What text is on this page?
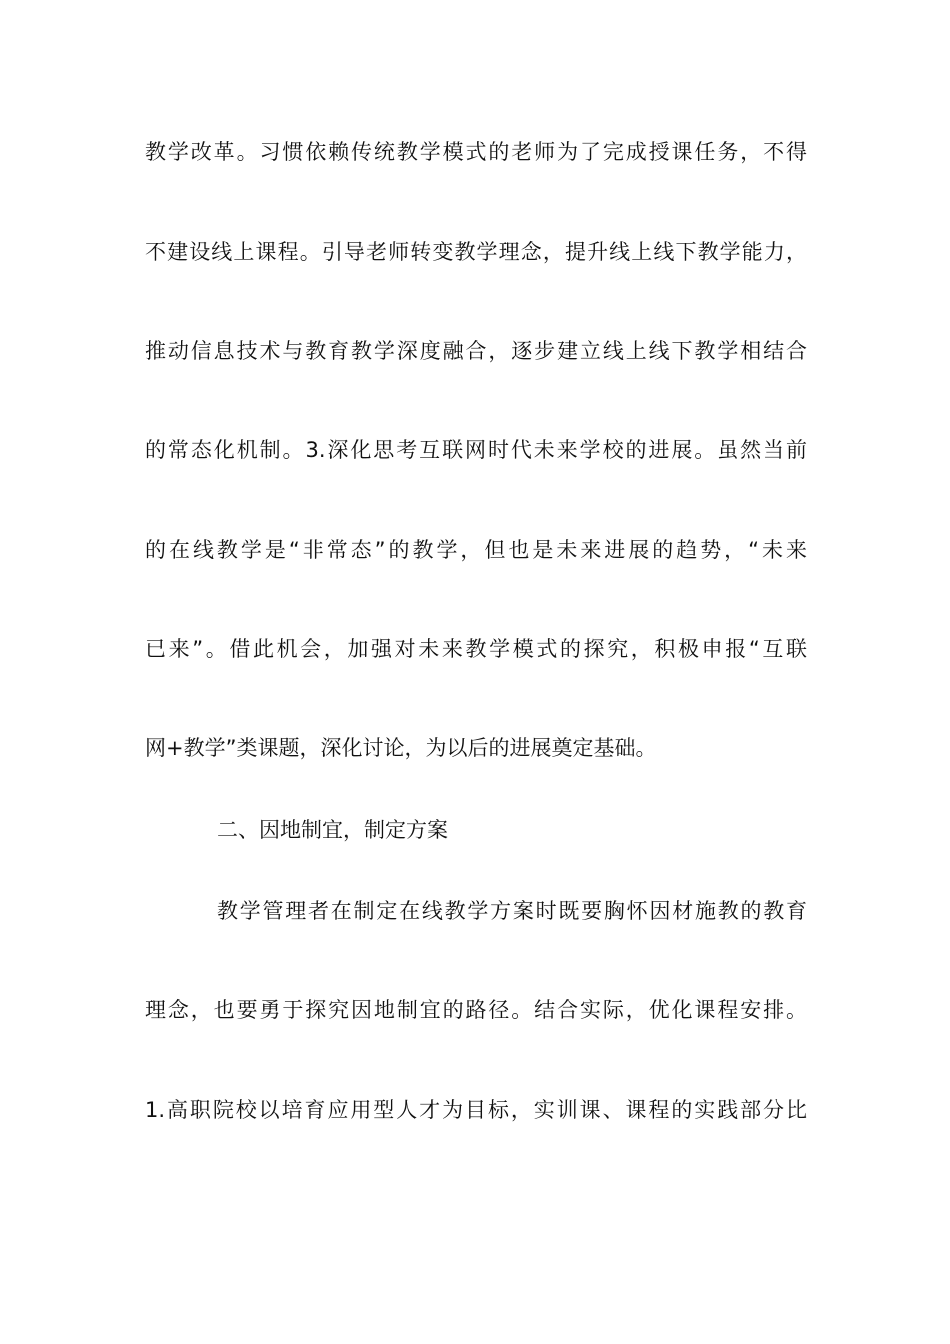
教学改革。习惯依赖传统教学模式的老师为了完成授课任务，不得
不建设线上课程。引导老师转变教学理念，提升线上线下教学能力，
推动信息技术与教育教学深度融合，逐步建立线上线下教学相结合
的常态化机制。3.深化思考互联网时代未来学校的进展。虽然当前
的在线教学是“非常态”的教学，但也是未来进展的趋势，“未来
已来”。借此机会，加强对未来教学模式的探究，积极申报“互联
网+教学”类课题，深化讨论，为以后的进展奠定基础。
二、因地制宜，制定方案
教学管理者在制定在线教学方案时既要胸怀因材施教的教育
理念，也要勇于探究因地制宜的路径。结合实际，优化课程安排。
1.高职院校以培育应用型人才为目标，实训课、课程的实践部分比
